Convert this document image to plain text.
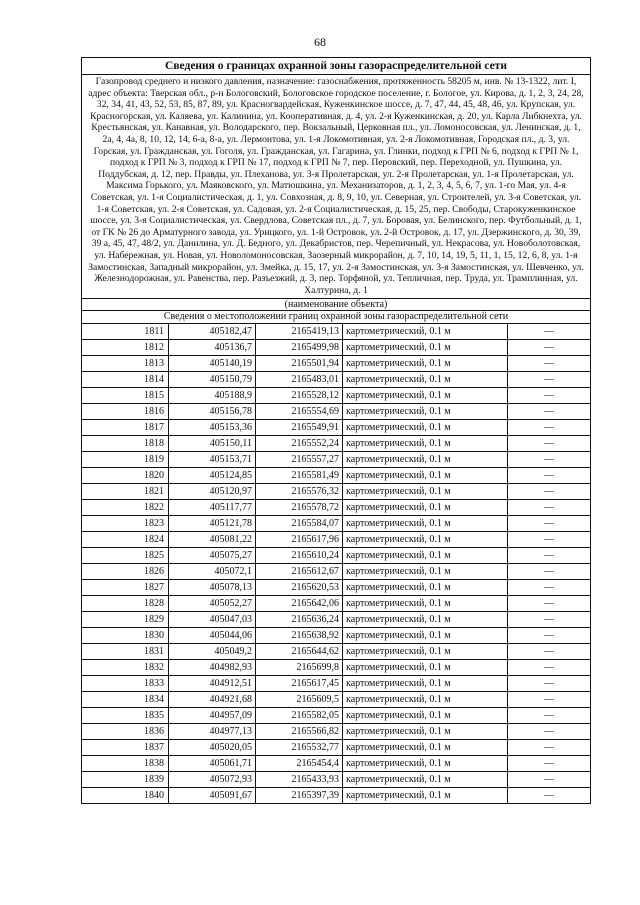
68
Сведения о границах охранной зоны газораспределительной сети
Газопровод среднего и низкого давления, назначение: газоснабжения, протяженность 58205 м, инв. № 13-1322, лит. I, адрес объекта: Тверская обл., р-н Бологовский, Бологовское городское поселение, г. Бологое, ул. Кирова, д. 1, 2, 3, 24, 28, 32, 34, 41, 43, 52, 53, 85, 87, 89, ул. Красногвардейская, Куженкинское шоссе, д. 7, 47, 44, 45, 48, 46, ул. Крупская, ул. Красногорская, ул. Каляева, ул. Калинина, ул. Кооперативная, д. 4, ул. 2-я Куженкинская, д. 20, ул. Карла Либкнехта, ул. Крестьянская, ул. Канавная, ул. Володарского, пер. Вокзальный, Церковная пл., ул. Ломоносовская, ул. Ленинская, д. 1, 2а, 4, 4а, 8, 10, 12, 14, 6-а, 8-а, ул. Лермонтова, ул. 1-я Локомотивная, ул. 2-я Локомотивная, Городская пл., д. 3, ул. Горская, ул. Гражданская, ул. Гоголя, ул. Гражданская, ул. Гагарина, ул. Глинки, подход к ГРП № 6, подход к ГРП № 1, подход к ГРП № 3, подход к ГРП № 17, подход к ГРП № 7, пер. Перовский, пер. Переходной, ул. Пушкина, ул. Поддубская, д. 12, пер. Правды, ул. Плеханова, ул. 3-я Пролетарская, ул. 2-я Пролетарская, ул. 1-я Пролетарская, ул. Максима Горького, ул. Маяковского, ул. Матюшкина, ул. Механизаторов, д. 1, 2, 3, 4, 5, 6, 7, ул. 1-го Мая, ул. 4-я Советская, ул. 1-я Социалистическая, д. 1, ул. Совхозная, д. 8, 9, 10, ул. Северная, ул. Строителей, ул. 3-я Советская, ул. 1-я Советская, ул. 2-я Советская, ул. Садовая, ул. 2-я Социалистическая, д. 15, 25, пер. Свободы, Старокуженкинское шоссе, ул. 3-я Социалистическая, ул. Свердлова, Советская пл., д. 7, ул. Боровая, ул. Белинского, пер. Футбольный, д. 1, от ГК № 26 до Арматурного завода, ул. Урицкого, ул. 1-й Островок, ул. 2-й Островок, д. 17, ул. Дзержинского, д. 30, 39, 39 а, 45, 47, 48/2, ул. Данилина, ул. Д. Бедного, ул. Декабристов, пер. Черепичный, ул. Некрасова, ул. Новоболотовская, ул. Набережная, ул. Новая, ул. Новоломоносовская, Заозерный микрорайон, д. 7, 10, 14, 19, 5, 11, 1, 15, 12, 6, 8, ул. 1-я Замостинская, Западный микрорайон, ул. Змейка, д. 15, 17, ул. 2-я Замостинская, ул. 3-я Замостинская, ул. Шевченко, ул. Железнодорожная, ул. Равенства, пер. Разъезжий, д. 3, пер. Торфяной, ул. Тепличная, пер. Труда, ул. Трамплинная, ул. Халтурина, д. 1
(наименование объекта)
Сведения о местоположении границ охранной зоны газораспределительной сети
1811	405182,47	2165419,13	картометрический, 0.1 м	—
1812	405136,7	2165499,98	картометрический, 0.1 м	—
1813	405140,19	2165501,94	картометрический, 0.1 м	—
1814	405150,79	2165483,01	картометрический, 0.1 м	—
1815	405188,9	2165528,12	картометрический, 0.1 м	—
1816	405156,78	2165554,69	картометрический, 0.1 м	—
1817	405153,36	2165549,91	картометрический, 0.1 м	—
1818	405150,11	2165552,24	картометрический, 0.1 м	—
1819	405153,71	2165557,27	картометрический, 0.1 м	—
1820	405124,85	2165581,49	картометрический, 0.1 м	—
1821	405120,97	2165576,32	картометрический, 0.1 м	—
1822	405117,77	2165578,72	картометрический, 0.1 м	—
1823	405121,78	2165584,07	картометрический, 0.1 м	—
1824	405081,22	2165617,96	картометрический, 0.1 м	—
1825	405075,27	2165610,24	картометрический, 0.1 м	—
1826	405072,1	2165612,67	картометрический, 0.1 м	—
1827	405078,13	2165620,53	картометрический, 0.1 м	—
1828	405052,27	2165642,06	картометрический, 0.1 м	—
1829	405047,03	2165636,24	картометрический, 0.1 м	—
1830	405044,06	2165638,92	картометрический, 0.1 м	—
1831	405049,2	2165644,62	картометрический, 0.1 м	—
1832	404982,93	2165699,8	картометрический, 0.1 м	—
1833	404912,51	2165617,45	картометрический, 0.1 м	—
1834	404921,68	2165609,5	картометрический, 0.1 м	—
1835	404957,09	2165582,05	картометрический, 0.1 м	—
1836	404977,13	2165566,82	картометрический, 0.1 м	—
1837	405020,05	2165532,77	картометрический, 0.1 м	—
1838	405061,71	2165454,4	картометрический, 0.1 м	—
1839	405072,93	2165433,93	картометрический, 0.1 м	—
1840	405091,67	2165397,39	картометрический, 0.1 м	—
